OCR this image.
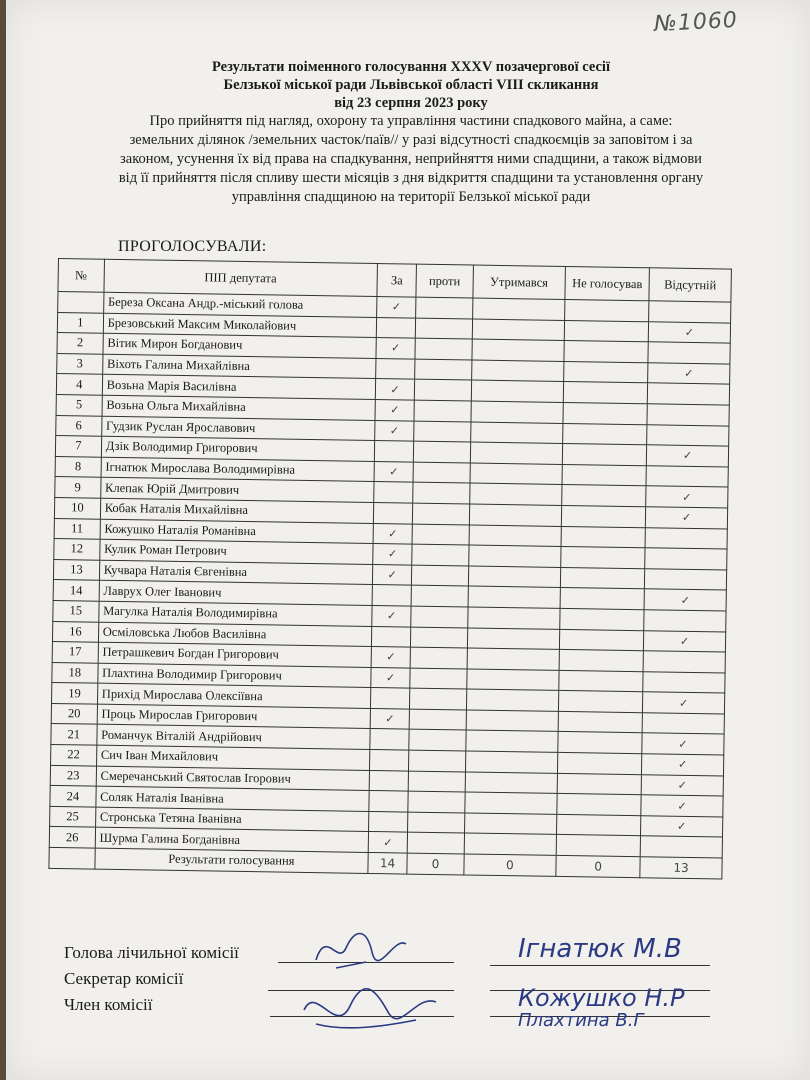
№1060
Результати поіменного голосування XXXV позачергової сесії
Белзької міської ради Львівської області VIII скликання
від 23 серпня 2023 року
Про прийняття під нагляд, охорону та управління частини спадкового майна, а саме: земельних ділянок /земельних часток/паїв// у разі відсутності спадкоємців за заповітом і за законом, усунення їх від права на спадкування, неприйняття ними спадщини, а також відмови від її прийняття після спливу шести місяців з дня відкриття спадщини та установлення органу управління спадщиною на території Белзької міської ради
ПРОГОЛОСУВАЛИ:
№	ПІП депутата	За	проти	Утримався	Не голосував	Відсутній
	Береза Оксана Андр.-міський голова	✓				
1	Брезовський Максим Миколайович					✓
2	Вітик Мирон Богданович	✓				
3	Віхоть Галина Михайлівна					✓
4	Возьна Марія Василівна	✓				
5	Возьна Ольга Михайлівна	✓				
6	Гудзик Руслан Ярославович	✓				
7	Дзік Володимир Григорович					✓
8	Ігнатюк Мирослава Володимирівна	✓				
9	Клепак Юрій Дмитрович					✓
10	Кобак Наталія Михайлівна					✓
11	Кожушко Наталія Романівна	✓				
12	Кулик Роман Петрович	✓				
13	Кучвара Наталія Євгенівна	✓				
14	Лаврух Олег Іванович					✓
15	Магулка Наталія Володимирівна	✓				
16	Осміловська Любов Василівна					✓
17	Петрашкевич Богдан Григорович	✓				
18	Плахтина Володимир Григорович	✓				
19	Прихід Мирослава Олексіївна					✓
20	Проць Мирослав Григорович	✓				
21	Романчук Віталій Андрійович					✓
22	Сич Іван Михайлович					✓
23	Смеречанський Святослав Ігорович					✓
24	Соляк Наталія Іванівна					✓
25	Стронська Тетяна Іванівна					✓
26	Шурма Галина Богданівна	✓				
	Результати голосування	14	0	0	0	13
Голова лічильної комісії
Секретар комісії
Член комісії
Ігнатюк М.В
Кожушко Н.Р
Плахтина В.Г
